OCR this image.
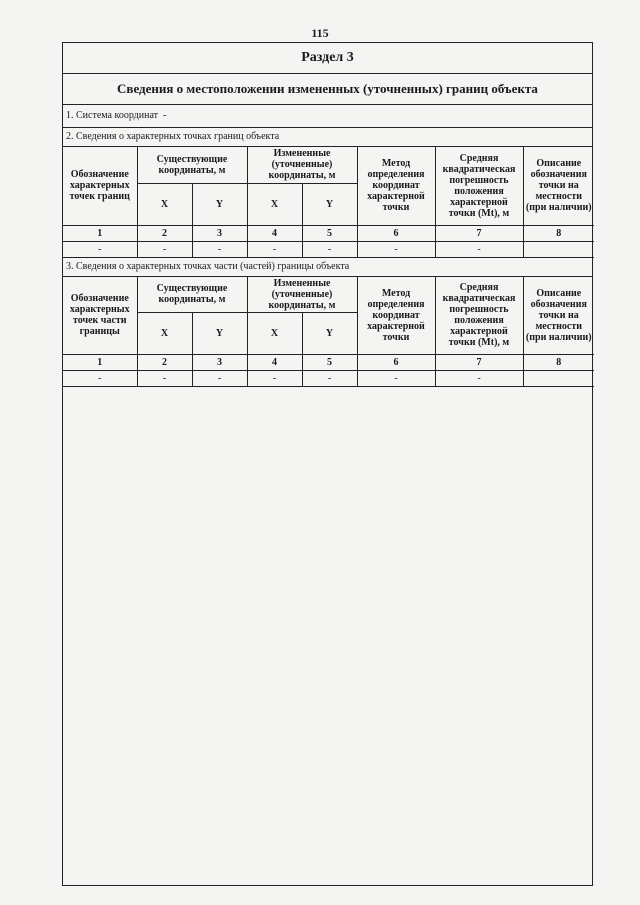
115
Раздел 3
Сведения о местоположении измененных (уточненных) границ объекта
1. Система координат -
2. Сведения о характерных точках границ объекта
Обозначение характерных точек границ	Существующие координаты, м		Измененные (уточненные) координаты, м		Метод определения координат характерной точки	Средняя квадратическая погрешность положения характерной точки (Mt), м	Описание обозначения точки на местности (при наличии)
	X	Y	X	Y			
1	2	3	4	5	6	7	8
-	-	-	-	-	-	-	
3. Сведения о характерных точках части (частей) границы объекта
Обозначение характерных точек части границы	Существующие координаты, м		Измененные (уточненные) координаты, м		Метод определения координат характерной точки	Средняя квадратическая погрешность положения характерной точки (Mt), м	Описание обозначения точки на местности (при наличии)
	X	Y	X	Y			
1	2	3	4	5	6	7	8
-	-	-	-	-	-	-	
